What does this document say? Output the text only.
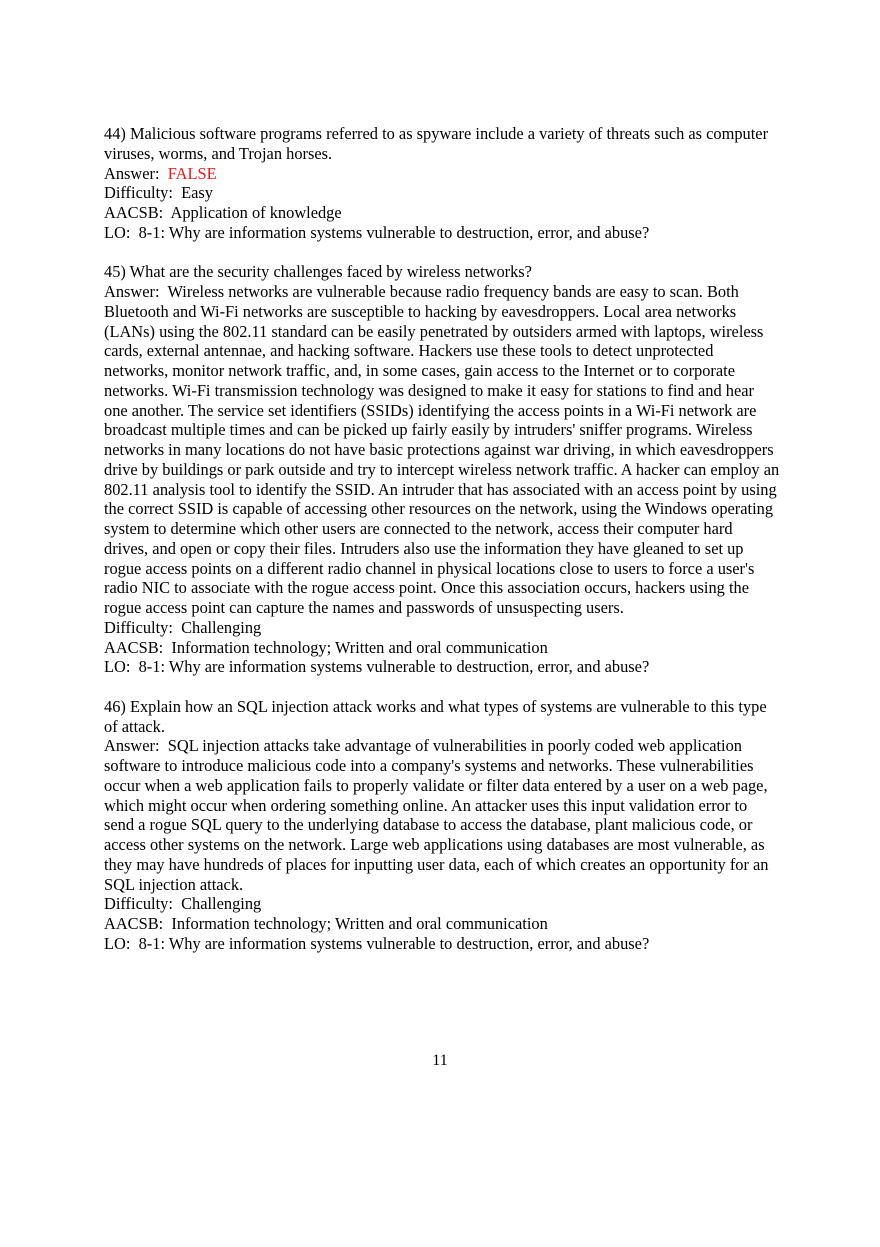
44) Malicious software programs referred to as spyware include a variety of threats such as computer viruses, worms, and Trojan horses.
Answer: FALSE
Difficulty:  Easy
AACSB:  Application of knowledge
LO:  8-1: Why are information systems vulnerable to destruction, error, and abuse?
45) What are the security challenges faced by wireless networks?
Answer: Wireless networks are vulnerable because radio frequency bands are easy to scan. Both Bluetooth and Wi-Fi networks are susceptible to hacking by eavesdroppers. Local area networks (LANs) using the 802.11 standard can be easily penetrated by outsiders armed with laptops, wireless cards, external antennae, and hacking software. Hackers use these tools to detect unprotected networks, monitor network traffic, and, in some cases, gain access to the Internet or to corporate networks. Wi-Fi transmission technology was designed to make it easy for stations to find and hear one another. The service set identifiers (SSIDs) identifying the access points in a Wi-Fi network are broadcast multiple times and can be picked up fairly easily by intruders' sniffer programs. Wireless networks in many locations do not have basic protections against war driving, in which eavesdroppers drive by buildings or park outside and try to intercept wireless network traffic. A hacker can employ an 802.11 analysis tool to identify the SSID. An intruder that has associated with an access point by using the correct SSID is capable of accessing other resources on the network, using the Windows operating system to determine which other users are connected to the network, access their computer hard drives, and open or copy their files. Intruders also use the information they have gleaned to set up rogue access points on a different radio channel in physical locations close to users to force a user's radio NIC to associate with the rogue access point. Once this association occurs, hackers using the rogue access point can capture the names and passwords of unsuspecting users.
Difficulty:  Challenging
AACSB:  Information technology; Written and oral communication
LO:  8-1: Why are information systems vulnerable to destruction, error, and abuse?
46) Explain how an SQL injection attack works and what types of systems are vulnerable to this type of attack.
Answer: SQL injection attacks take advantage of vulnerabilities in poorly coded web application software to introduce malicious code into a company's systems and networks. These vulnerabilities occur when a web application fails to properly validate or filter data entered by a user on a web page, which might occur when ordering something online. An attacker uses this input validation error to send a rogue SQL query to the underlying database to access the database, plant malicious code, or access other systems on the network. Large web applications using databases are most vulnerable, as they may have hundreds of places for inputting user data, each of which creates an opportunity for an SQL injection attack.
Difficulty:  Challenging
AACSB:  Information technology; Written and oral communication
LO:  8-1: Why are information systems vulnerable to destruction, error, and abuse?
11
